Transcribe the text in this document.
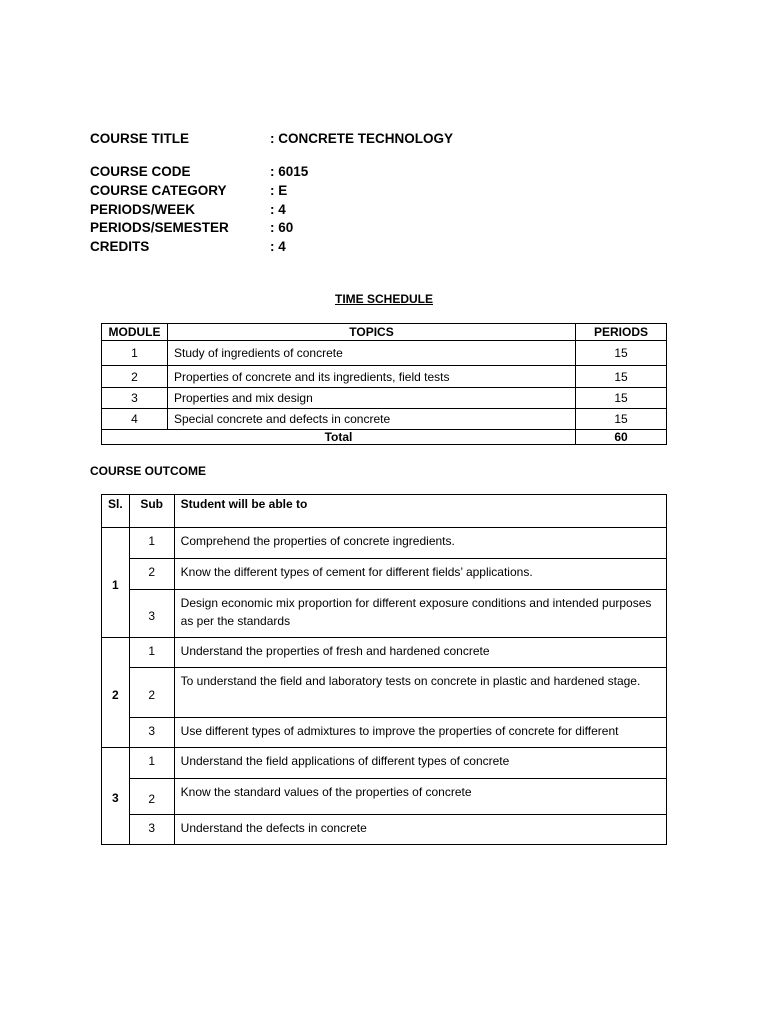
COURSE TITLE	: CONCRETE TECHNOLOGY
COURSE CODE	: 6015
COURSE CATEGORY	: E
PERIODS/WEEK	: 4
PERIODS/SEMESTER	: 60
CREDITS	: 4
TIME SCHEDULE
MODULE	TOPICS	PERIODS
1	Study of ingredients of concrete	15
2	Properties of concrete and its ingredients, field tests	15
3	Properties and mix design	15
4	Special concrete and defects in concrete	15
Total		60
COURSE OUTCOME
Sl.	Sub	Student will be able to
1	1	Comprehend the properties of concrete ingredients.
	2	Know the different types of cement for different fields’ applications.
	3	Design economic mix proportion for different exposure conditions and intended purposes as per the standards
2	1	Understand the properties of fresh and hardened concrete
	2	To understand the field and laboratory tests on concrete in plastic and hardened stage.
	3	Use different types of admixtures to improve the properties of concrete for different
3	1	Understand the field applications of different types of concrete
	2	Know the standard values of the properties of concrete
	3	Understand the defects in concrete
